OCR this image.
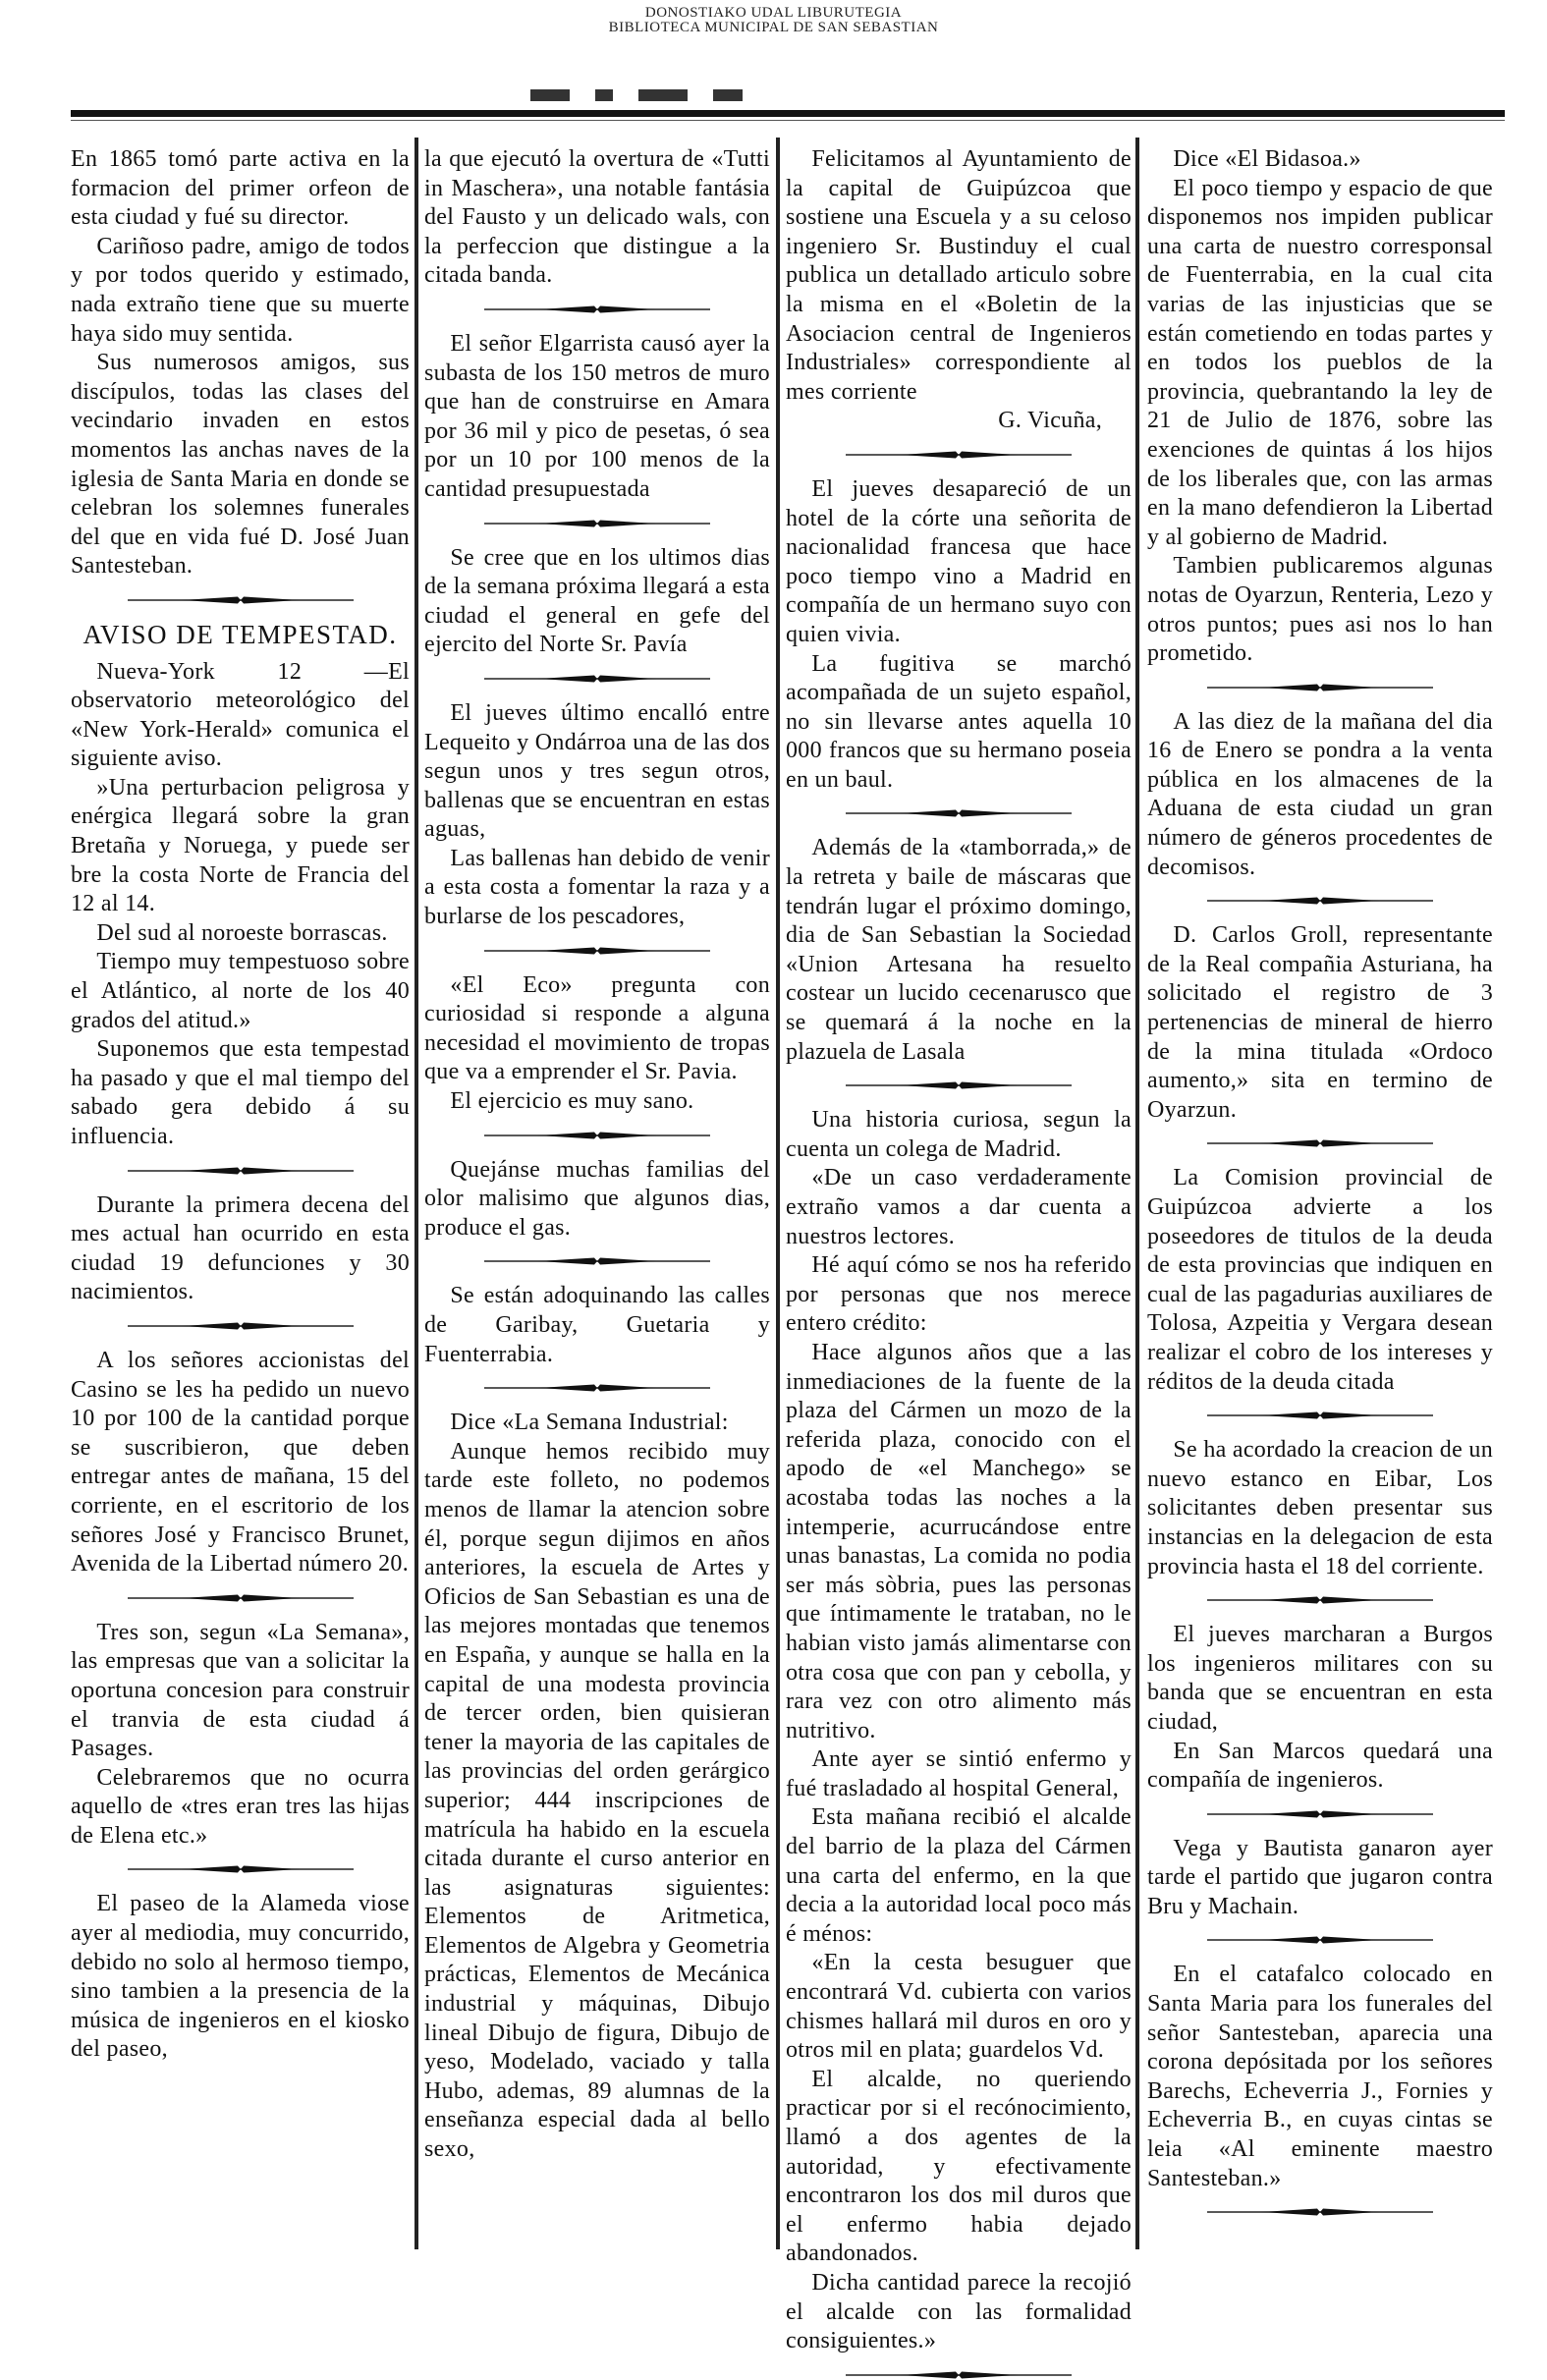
DONOSTIAKO UDAL LIBURUTEGIA
BIBLIOTECA MUNICIPAL DE SAN SEBASTIAN

En 1865 tomó parte activa en la formacion del primer orfeon de esta ciudad y fué su director.

Cariñoso padre, amigo de todos y por todos querido y estimado, nada extraño tiene que su muerte haya sido muy sentida.

Sus numerosos amigos, sus discípulos, todas las clases del vecindario invaden en estos momentos las anchas naves de la iglesia de Santa Maria en donde se celebran los solemnes funerales del que en vida fué D. José Juan Santesteban.

AVISO DE TEMPESTAD.

Nueva-York 12 —El observatorio meteorológico del «New York-Herald» comunica el siguiente aviso.

»Una perturbacion peligrosa y enérgica llegará sobre la gran Bretaña y Noruega, y puede ser bre la costa Norte de Francia del 12 al 14.

Del sud al noroeste borrascas.

Tiempo muy tempestuoso sobre el Atlántico, al norte de los 40 grados del atitud.»

Suponemos que esta tempestad ha pasado y que el mal tiempo del sabado gera debido á su influencia.

Durante la primera decena del mes actual han ocurrido en esta ciudad 19 defunciones y 30 nacimientos.

A los señores accionistas del Casino se les ha pedido un nuevo 10 por 100 de la cantidad porque se suscribieron, que deben entregar antes de mañana, 15 del corriente, en el escritorio de los señores José y Francisco Brunet, Avenida de la Libertad número 20.

Tres son, segun «La Semana», las empresas que van a solicitar la oportuna concesion para construir el tranvia de esta ciudad á Pasages.

Celebraremos que no ocurra aquello de «tres eran tres las hijas de Elena etc.»

El paseo de la Alameda viose ayer al mediodia, muy concurrido, debido no solo al hermoso tiempo, sino tambien a la presencia de la música de ingenieros en el kiosko del paseo,

la que ejecutó la overtura de «Tutti in Maschera», una notable fantásia del Fausto y un delicado wals, con la perfeccion que distingue a la citada banda.

El señor Elgarrista causó ayer la subasta de los 150 metros de muro que han de construirse en Amara por 36 mil y pico de pesetas, ó sea por un 10 por 100 menos de la cantidad presupuestada

Se cree que en los ultimos dias de la semana próxima llegará a esta ciudad el general en gefe del ejercito del Norte Sr. Pavía

El jueves último encalló entre Lequeito y Ondárroa una de las dos segun unos y tres segun otros, ballenas que se encuentran en estas aguas,

Las ballenas han debido de venir a esta costa a fomentar la raza y a burlarse de los pescadores,

«El Eco» pregunta con curiosidad si responde a alguna necesidad el movimiento de tropas que va a emprender el Sr. Pavia.

El ejercicio es muy sano.

Quejánse muchas familias del olor malisimo que algunos dias, produce el gas.

Se están adoquinando las calles de Garibay, Guetaria y Fuenterrabia.

Dice «La Semana Industrial:

Aunque hemos recibido muy tarde este folleto, no podemos menos de llamar la atencion sobre él, porque segun dijimos en años anteriores, la escuela de Artes y Oficios de San Sebastian es una de las mejores montadas que tenemos en España, y aunque se halla en la capital de una modesta provincia de tercer orden, bien quisieran tener la mayoria de las capitales de las provincias del orden gerárgico superior; 444 inscripciones de matrícula ha habido en la escuela citada durante el curso anterior en las asignaturas siguientes: Elementos de Aritmetica, Elementos de Algebra y Geometria prácticas, Elementos de Mecánica industrial y máquinas, Dibujo lineal Dibujo de figura, Dibujo de yeso, Modelado, vaciado y talla Hubo, ademas, 89 alumnas de la enseñanza especial dada al bello sexo,

Felicitamos al Ayuntamiento de la capital de Guipúzcoa que sostiene una Escuela y a su celoso ingeniero Sr. Bustinduy el cual publica un detallado articulo sobre la misma en el «Boletin de la Asociacion central de Ingenieros Industriales» correspondiente al mes corriente

G. Vicuña,

El jueves desapareció de un hotel de la córte una señorita de nacionalidad francesa que hace poco tiempo vino a Madrid en compañía de un hermano suyo con quien vivia.

La fugitiva se marchó acompañada de un sujeto español, no sin llevarse antes aquella 10 000 francos que su hermano poseia en un baul.

Además de la «tamborrada,» de la retreta y baile de máscaras que tendrán lugar el próximo domingo, dia de San Sebastian la Sociedad «Union Artesana ha resuelto costear un lucido cecenarusco que se quemará á la noche en la plazuela de Lasala

Una historia curiosa, segun la cuenta un colega de Madrid.

«De un caso verdaderamente extraño vamos a dar cuenta a nuestros lectores.

Hé aquí cómo se nos ha referido por personas que nos merece entero crédito:

Hace algunos años que a las inmediaciones de la fuente de la plaza del Cármen un mozo de la referida plaza, conocido con el apodo de «el Manchego» se acostaba todas las noches a la intemperie, acurrucándose entre unas banastas, La comida no podia ser más sòbria, pues las personas que íntimamente le trataban, no le habian visto jamás alimentarse con otra cosa que con pan y cebolla, y rara vez con otro alimento más nutritivo.

Ante ayer se sintió enfermo y fué trasladado al hospital General,

Esta mañana recibió el alcalde del barrio de la plaza del Cármen una carta del enfermo, en la que decia a la autoridad local poco más é ménos:

«En la cesta besuguer que encontrará Vd. cubierta con varios chismes hallará mil duros en oro y otros mil en plata; guardelos Vd.

El alcalde, no queriendo practicar por si el recónocimiento, llamó a dos agentes de la autoridad, y efectivamente encontraron los dos mil duros que el enfermo habia dejado abandonados.

Dicha cantidad parece la recojió el alcalde con las formalidad consiguientes.»

Dice «El Bidasoa.»

El poco tiempo y espacio de que disponemos nos impiden publicar una carta de nuestro corresponsal de Fuenterrabia, en la cual cita varias de las injusticias que se están cometiendo en todas partes y en todos los pueblos de la provincia, quebrantando la ley de 21 de Julio de 1876, sobre las exenciones de quintas á los hijos de los liberales que, con las armas en la mano defendieron la Libertad y al gobierno de Madrid.

Tambien publicaremos algunas notas de Oyarzun, Renteria, Lezo y otros puntos; pues asi nos lo han prometido.

A las diez de la mañana del dia 16 de Enero se pondra a la venta pública en los almacenes de la Aduana de esta ciudad un gran número de géneros procedentes de decomisos.

D. Carlos Groll, representante de la Real compañia Asturiana, ha solicitado el registro de 3 pertenencias de mineral de hierro de la mina titulada «Ordoco aumento,» sita en termino de Oyarzun.

La Comision provincial de Guipúzcoa advierte a los poseedores de titulos de la deuda de esta provincias que indiquen en cual de las pagadurias auxiliares de Tolosa, Azpeitia y Vergara desean realizar el cobro de los intereses y réditos de la deuda citada

Se ha acordado la creacion de un nuevo estanco en Eibar, Los solicitantes deben presentar sus instancias en la delegacion de esta provincia hasta el 18 del corriente.

El jueves marcharan a Burgos los ingenieros militares con su banda que se encuentran en esta ciudad,

En San Marcos quedará una compañía de ingenieros.

Vega y Bautista ganaron ayer tarde el partido que jugaron contra Bru y Machain.

En el catafalco colocado en Santa Maria para los funerales del señor Santesteban, aparecia una corona depósitada por los señores Barechs, Echeverria J., Fornies y Echeverria B., en cuyas cintas se leia «Al eminente maestro Santesteban.»
